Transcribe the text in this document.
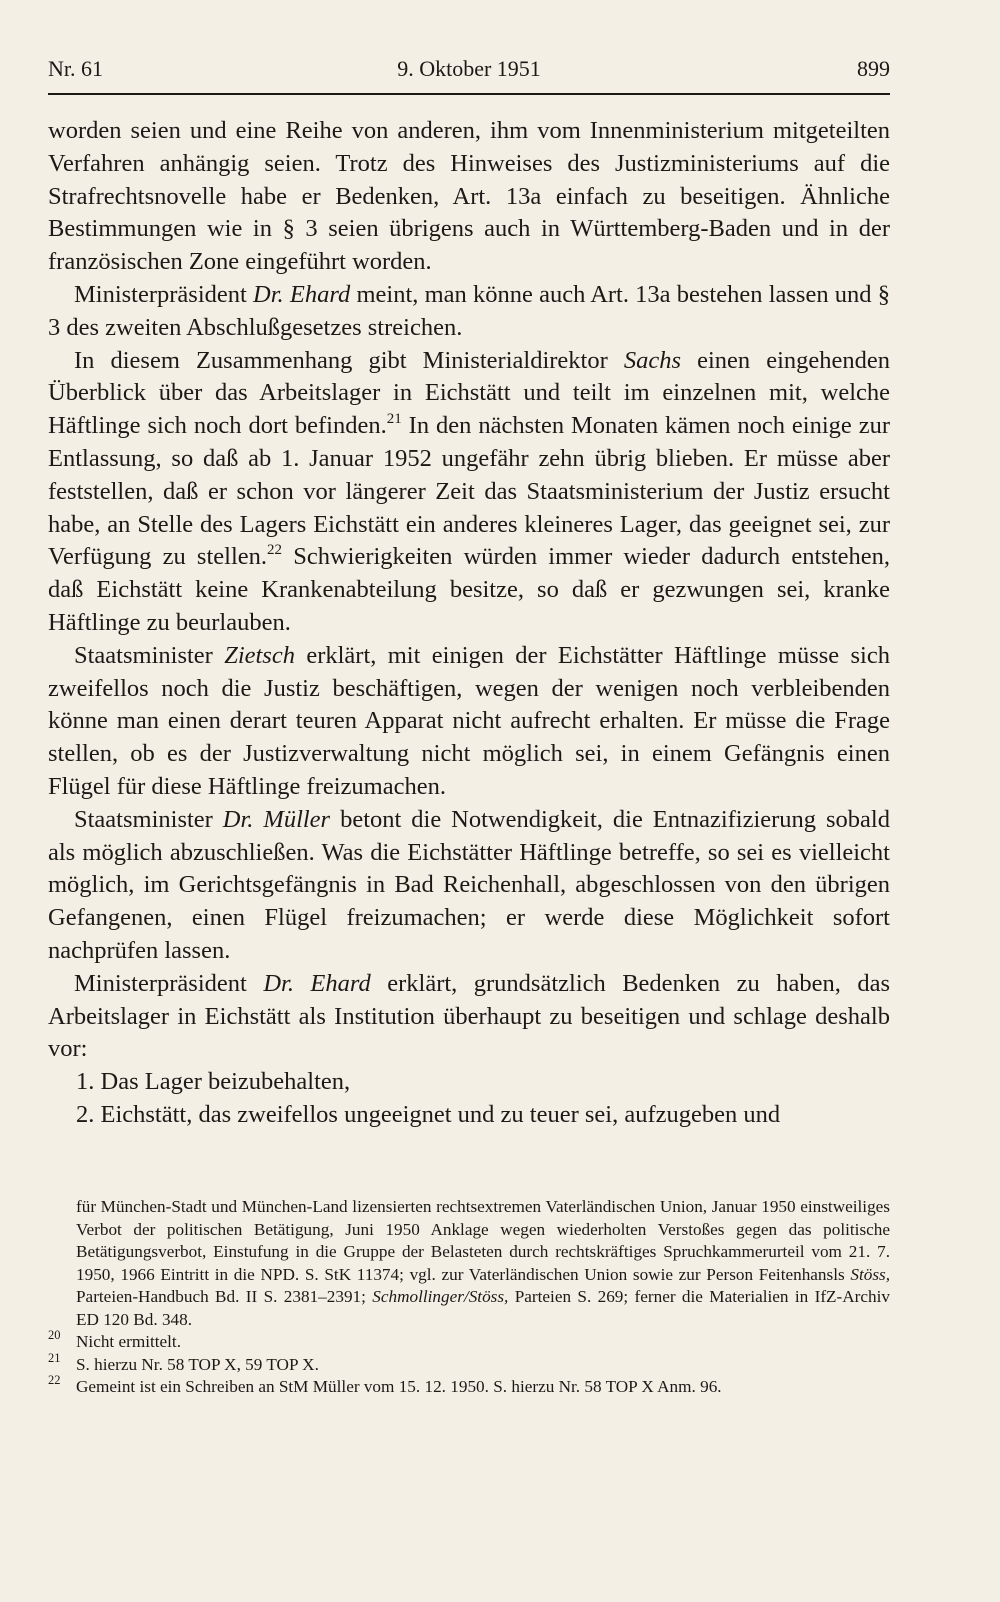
Nr. 61	9. Oktober 1951	899

worden seien und eine Reihe von anderen, ihm vom Innenministerium mitgeteilten Verfahren anhängig seien. Trotz des Hinweises des Justizministeriums auf die Strafrechtsnovelle habe er Bedenken, Art. 13a einfach zu beseitigen. Ähnliche Bestimmungen wie in § 3 seien übrigens auch in Württemberg-Baden und in der französischen Zone eingeführt worden.

Ministerpräsident Dr. Ehard meint, man könne auch Art. 13a bestehen lassen und § 3 des zweiten Abschlußgesetzes streichen.

In diesem Zusammenhang gibt Ministerialdirektor Sachs einen eingehenden Überblick über das Arbeitslager in Eichstätt und teilt im einzelnen mit, welche Häftlinge sich noch dort befinden.$^{21}$ In den nächsten Monaten kämen noch einige zur Entlassung, so daß ab 1. Januar 1952 ungefähr zehn übrig blieben. Er müsse aber feststellen, daß er schon vor längerer Zeit das Staatsministerium der Justiz ersucht habe, an Stelle des Lagers Eichstätt ein anderes kleineres Lager, das geeignet sei, zur Verfügung zu stellen.$^{22}$ Schwierigkeiten würden immer wieder dadurch entstehen, daß Eichstätt keine Krankenabteilung besitze, so daß er gezwungen sei, kranke Häftlinge zu beurlauben.

Staatsminister Zietsch erklärt, mit einigen der Eichstätter Häftlinge müsse sich zweifellos noch die Justiz beschäftigen, wegen der wenigen noch verbleibenden könne man einen derart teuren Apparat nicht aufrecht erhalten. Er müsse die Frage stellen, ob es der Justizverwaltung nicht möglich sei, in einem Gefängnis einen Flügel für diese Häftlinge freizumachen.

Staatsminister Dr. Müller betont die Notwendigkeit, die Entnazifizierung sobald als möglich abzuschließen. Was die Eichstätter Häftlinge betreffe, so sei es vielleicht möglich, im Gerichtsgefängnis in Bad Reichenhall, abgeschlossen von den übrigen Gefangenen, einen Flügel freizumachen; er werde diese Möglichkeit sofort nachprüfen lassen.

Ministerpräsident Dr. Ehard erklärt, grundsätzlich Bedenken zu haben, das Arbeitslager in Eichstätt als Institution überhaupt zu beseitigen und schlage deshalb vor:

1. Das Lager beizubehalten,

2. Eichstätt, das zweifellos ungeeignet und zu teuer sei, aufzugeben und

für München-Stadt und München-Land lizensierten rechtsextremen Vaterländischen Union, Januar 1950 einstweiliges Verbot der politischen Betätigung, Juni 1950 Anklage wegen wiederholten Verstoßes gegen das politische Betätigungsverbot, Einstufung in die Gruppe der Belasteten durch rechtskräftiges Spruchkammerurteil vom 21. 7. 1950, 1966 Eintritt in die NPD. S. StK 11374; vgl. zur Vaterländischen Union sowie zur Person Feitenhansls Stöss, Parteien-Handbuch Bd. II S. 2381–2391; Schmollinger/Stöss, Parteien S. 269; ferner die Materialien in IfZ-Archiv ED 120 Bd. 348.

20 Nicht ermittelt.

21 S. hierzu Nr. 58 TOP X, 59 TOP X.

22 Gemeint ist ein Schreiben an StM Müller vom 15. 12. 1950. S. hierzu Nr. 58 TOP X Anm. 96.
